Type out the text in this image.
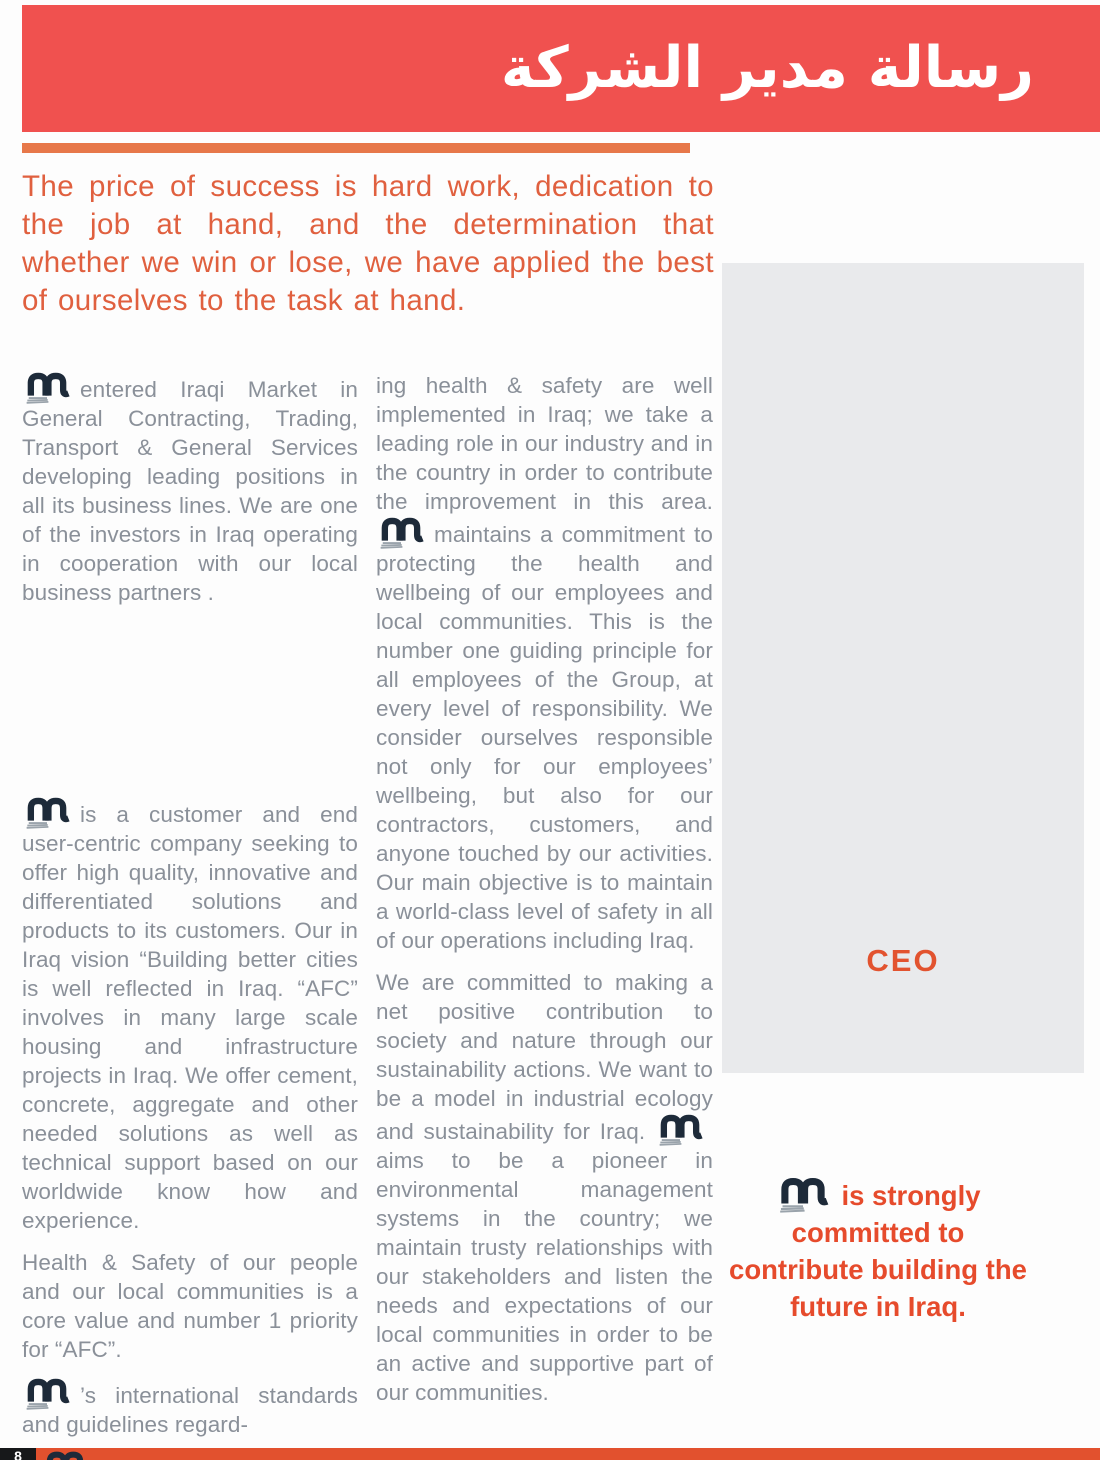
رسالة مدير الشركة

The price of success is hard work, dedication to the job at hand, and the determination that whether we win or lose, we have applied the best of ourselves to the task at hand.

entered Iraqi Market in General Contracting, Trading, Transport & General Services developing leading positions in all its business lines. We are one of the investors in Iraq operating in cooperation with our local business partners .

is a customer and end user-centric company seeking to offer high quality, innovative and differentiated solutions and products to its customers. Our in Iraq vision “Building better cities is well reflected in Iraq. “AFC” involves in many large scale housing and infrastructure projects in Iraq. We offer cement, concrete, aggregate and other needed solutions as well as technical support based on our worldwide know how and experience.

Health & Safety of our people and our local communities is a core value and number 1 priority for “AFC”.

’s international standards and guidelines regard-

ing health & safety are well implemented in Iraq; we take a leading role in our industry and in the country in order to contribute the improvement in this area.
maintains a commitment to protecting the health and wellbeing of our employees and local communities. This is the number one guiding principle for all employees of the Group, at every level of responsibility. We consider ourselves responsible not only for our employees’ wellbeing, but also for our contractors, customers, and anyone touched by our activities. Our main objective is to maintain a world-class level of safety in all of our operations including Iraq.

We are committed to making a net positive contribution to society and nature through our sustainability actions. We want to be a model in industrial ecology and sustainability for Iraq.
aims to be a pioneer in environmental management systems in the country; we maintain trusty relationships with our stakeholders and listen the needs and expectations of our local communities in order to be an active and supportive part of our communities.

CEO
is strongly committed to contribute building the future in Iraq.
8
